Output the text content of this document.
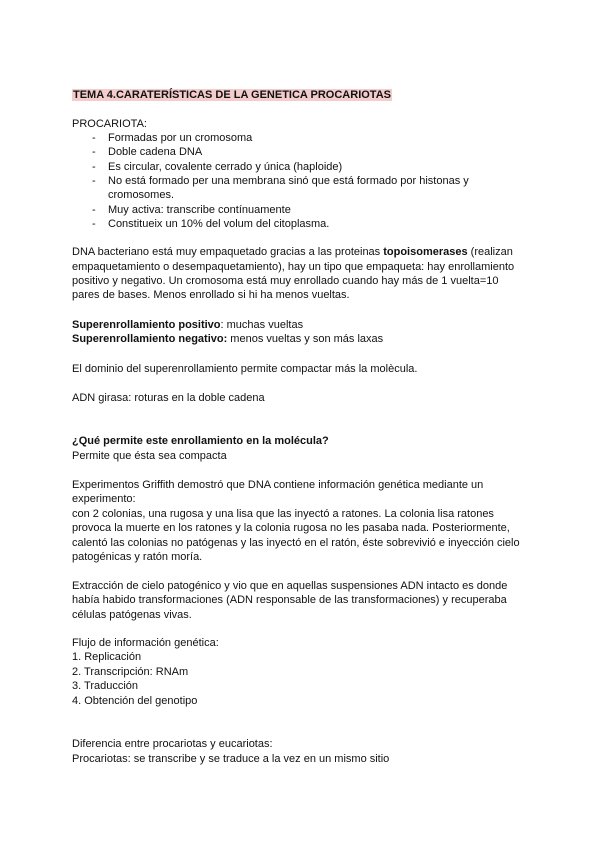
TEMA 4.CARATERÍSTICAS DE LA GENETICA PROCARIOTAS
PROCARIOTA:
- Formadas por un cromosoma
- Doble cadena DNA
- Es circular, covalente cerrado y única (haploide)
- No está formado per una membrana sinó que está formado por histonas y
cromosomes.
- Muy activa: transcribe contínuamente
- Constitueix un 10% del volum del citoplasma.
DNA bacteriano está muy empaquetado gracias a las proteinas topoisomerases (realizan
empaquetamiento o desempaquetamiento), hay un tipo que empaqueta: hay enrollamiento
positivo y negativo. Un cromosoma está muy enrollado cuando hay más de 1 vuelta=10
pares de bases. Menos enrollado si hi ha menos vueltas.
Superenrollamiento positivo: muchas vueltas
Superenrollamiento negativo: menos vueltas y son más laxas
El dominio del superenrollamiento permite compactar más la molècula.
ADN girasa: roturas en la doble cadena
¿Qué permite este enrollamiento en la molécula?
Permite que ésta sea compacta
Experimentos Griffith demostró que DNA contiene información genética mediante un
experimento:
con 2 colonias, una rugosa y una lisa que las inyectó a ratones. La colonia lisa ratones
provoca la muerte en los ratones y la colonia rugosa no les pasaba nada. Posteriormente,
calentó las colonias no patógenas y las inyectó en el ratón, éste sobrevivió e inyección cielo
patogénicas y ratón moría.
Extracción de cielo patogénico y vio que en aquellas suspensiones ADN intacto es donde
había habido transformaciones (ADN responsable de las transformaciones) y recuperaba
células patógenas vivas.
Flujo de información genética:
1. Replicación
2. Transcripción: RNAm
3. Traducción
4. Obtención del genotipo
Diferencia entre procariotas y eucariotas:
Procariotas: se transcribe y se traduce a la vez en un mismo sitio
